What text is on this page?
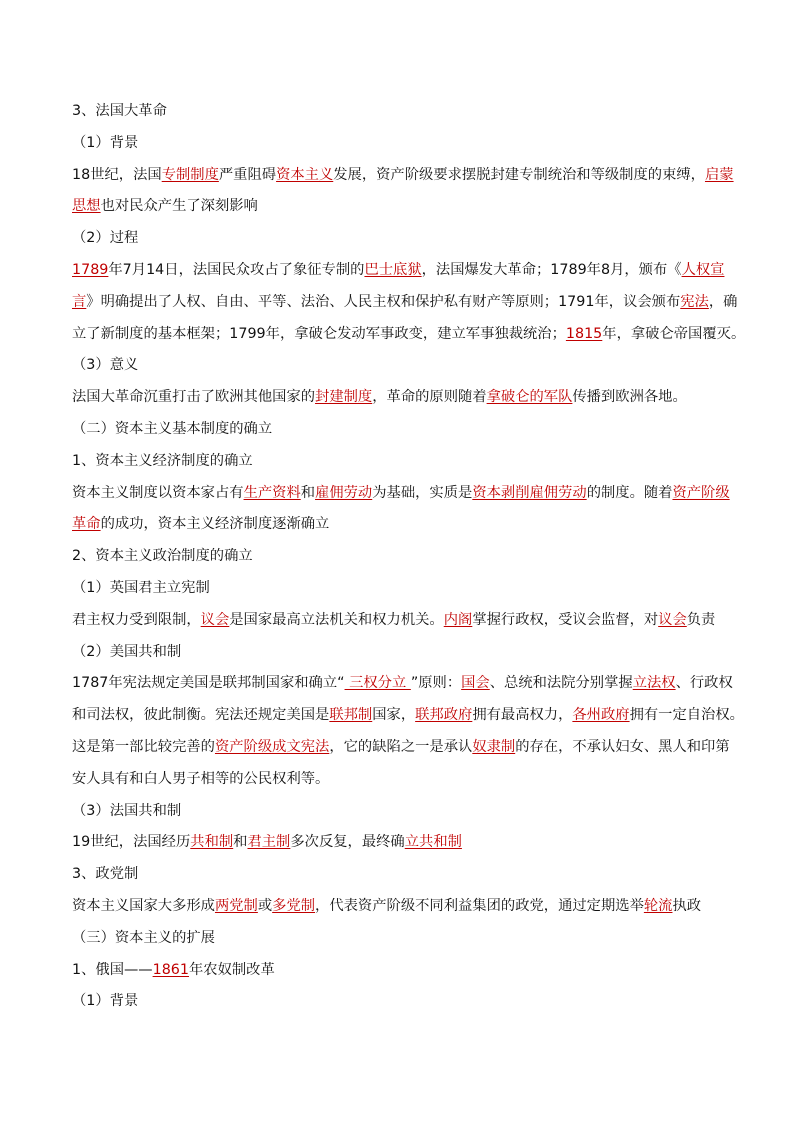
3、法国大革命
（1）背景
18世纪，法国专制制度严重阻碍资本主义发展，资产阶级要求摆脱封建专制统治和等级制度的束缚，启蒙
思想也对民众产生了深刻影响
（2）过程
1789年7月14日，法国民众攻占了象征专制的巴士底狱，法国爆发大革命；1789年8月，颁布《人权宣
言》明确提出了人权、自由、平等、法治、人民主权和保护私有财产等原则；1791年，议会颁布宪法，确
立了新制度的基本框架；1799年，拿破仑发动军事政变，建立军事独裁统治；1815年，拿破仑帝国覆灭。
（3）意义
法国大革命沉重打击了欧洲其他国家的封建制度，革命的原则随着拿破仑的军队传播到欧洲各地。
（二）资本主义基本制度的确立
1、资本主义经济制度的确立
资本主义制度以资本家占有生产资料和雇佣劳动为基础，实质是资本剥削雇佣劳动的制度。随着资产阶级
革命的成功，资本主义经济制度逐渐确立
2、资本主义政治制度的确立
（1）英国君主立宪制
君主权力受到限制，议会是国家最高立法机关和权力机关。内阁掌握行政权，受议会监督，对议会负责
（2）美国共和制
1787年宪法规定美国是联邦制国家和确立“ 三权分立 ”原则：国会、总统和法院分别掌握立法权、行政权
和司法权，彼此制衡。宪法还规定美国是联邦制国家，联邦政府拥有最高权力，各州政府拥有一定自治权。
这是第一部比较完善的资产阶级成文宪法，它的缺陷之一是承认奴隶制的存在，不承认妇女、黑人和印第
安人具有和白人男子相等的公民权利等。
（3）法国共和制
19世纪，法国经历共和制和君主制多次反复，最终确立共和制
3、政党制
资本主义国家大多形成两党制或多党制，代表资产阶级不同利益集团的政党，通过定期选举轮流执政
（三）资本主义的扩展
1、俄国——1861年农奴制改革
（1）背景
